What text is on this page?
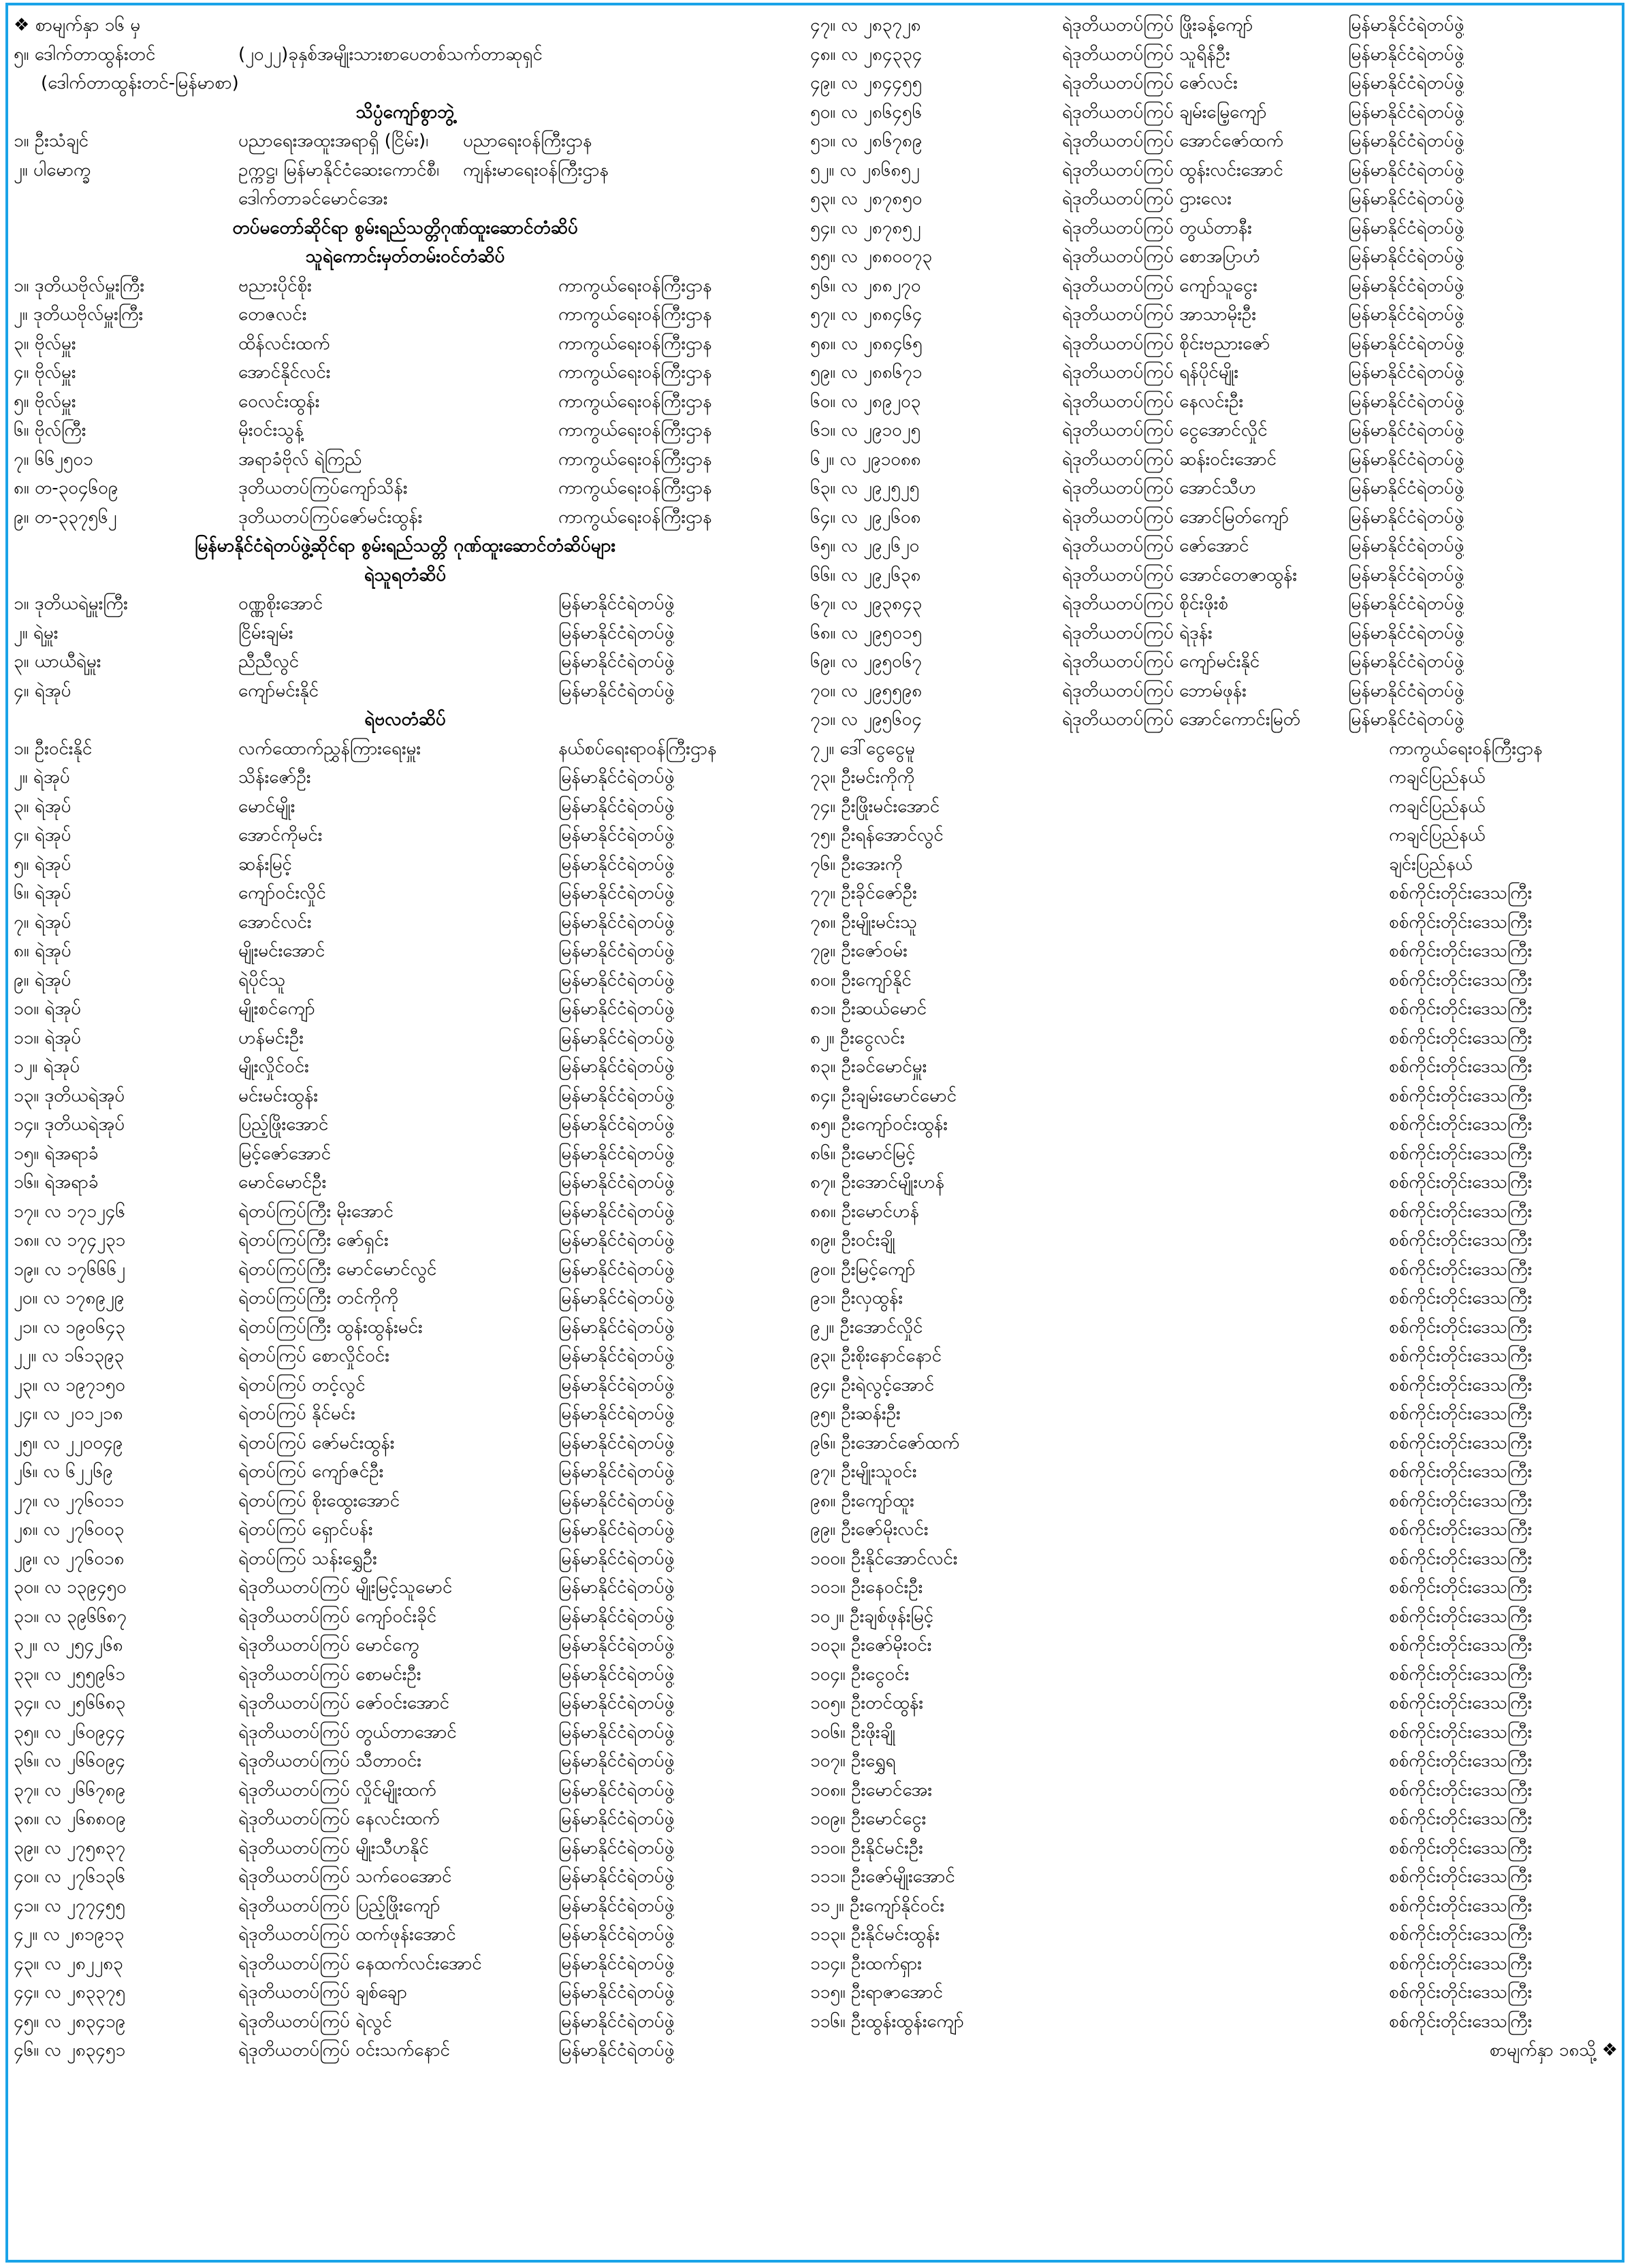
❖ စာမျက်နှာ ၁၆ မှ
၅။ ဒေါက်တာထွန်းတင်	(၂၀၂၂)ခုနှစ်အမျိုးသားစာပေတစ်သက်တာဆုရှင်
(ဒေါက်တာထွန်းတင်-မြန်မာစာ)
သိပ္ပံကျော်စွာဘွဲ့
၁။ ဦးသံချင်	ပညာရေးအထူးအရာရှိ (ငြိမ်း)၊ ပညာရေးဝန်ကြီးဌာန
၂။ ပါမောက္ခ	ဥက္ကဋ္ဌ၊ မြန်မာနိုင်ငံဆေးကောင်စီ၊ ကျန်းမာရေးဝန်ကြီးဌာန
ဒေါက်တာခင်မောင်အေး
တပ်မတော်ဆိုင်ရာ စွမ်းရည်သတ္တိဂုဏ်ထူးဆောင်တံဆိပ်
သူရဲကောင်းမှတ်တမ်းဝင်တံဆိပ်
၁။ ဒုတိယဗိုလ်မှူးကြီး	ဗညားပိုင်စိုး	ကာကွယ်ရေးဝန်ကြီးဌာန
၂။ ဒုတိယဗိုလ်မှူးကြီး	တေဇလင်း	ကာကွယ်ရေးဝန်ကြီးဌာန
၃။ ဗိုလ်မှူး	ထိန်လင်းထက်	ကာကွယ်ရေးဝန်ကြီးဌာန
၄။ ဗိုလ်မှူး	အောင်နိုင်လင်း	ကာကွယ်ရေးဝန်ကြီးဌာန
၅။ ဗိုလ်မှူး	ဝေလင်းထွန်း	ကာကွယ်ရေးဝန်ကြီးဌာန
၆။ ဗိုလ်ကြီး	မိုးဝင်းသွန့်	ကာကွယ်ရေးဝန်ကြီးဌာန
၇။ ၆၆၂၅၀၁	အရာခံဗိုလ် ရဲကြည်	ကာကွယ်ရေးဝန်ကြီးဌာန
၈။ တ-၃၀၄၆၀၉	ဒုတိယတပ်ကြပ်ကျော်သိန်း	ကာကွယ်ရေးဝန်ကြီးဌာန
၉။ တ-၃၃၇၅၆၂	ဒုတိယတပ်ကြပ်ဇော်မင်းထွန်း	ကာကွယ်ရေးဝန်ကြီးဌာန
မြန်မာနိုင်ငံရဲတပ်ဖွဲ့ဆိုင်ရာ စွမ်းရည်သတ္တိ ဂုဏ်ထူးဆောင်တံဆိပ်များ
ရဲသူရတံဆိပ်
၁။ ဒုတိယရဲမှူးကြီး	ဝဏ္ဏစိုးအောင်	မြန်မာနိုင်ငံရဲတပ်ဖွဲ့
၂။ ရဲမှူး	ငြိမ်းချမ်း	မြန်မာနိုင်ငံရဲတပ်ဖွဲ့
၃။ ယာယီရဲမှူး	ညီညီလွင်	မြန်မာနိုင်ငံရဲတပ်ဖွဲ့
၄။ ရဲအုပ်	ကျော်မင်းနိုင်	မြန်မာနိုင်ငံရဲတပ်ဖွဲ့
ရဲဗလတံဆိပ်
၁။ ဦးဝင်းနိုင်	လက်ထောက်ညွှန်ကြားရေးမှူး	နယ်စပ်ရေးရာဝန်ကြီးဌာန
၂။ ရဲအုပ်	သိန်းဇော်ဦး	မြန်မာနိုင်ငံရဲတပ်ဖွဲ့
၃။ ရဲအုပ်	မောင်မျိုး	မြန်မာနိုင်ငံရဲတပ်ဖွဲ့
၄။ ရဲအုပ်	အောင်ကိုမင်း	မြန်မာနိုင်ငံရဲတပ်ဖွဲ့
၅။ ရဲအုပ်	ဆန်းမြင့်	မြန်မာနိုင်ငံရဲတပ်ဖွဲ့
၆။ ရဲအုပ်	ကျော်ဝင်းလှိုင်	မြန်မာနိုင်ငံရဲတပ်ဖွဲ့
၇။ ရဲအုပ်	အောင်လင်း	မြန်မာနိုင်ငံရဲတပ်ဖွဲ့
၈။ ရဲအုပ်	မျိုးမင်းအောင်	မြန်မာနိုင်ငံရဲတပ်ဖွဲ့
၉။ ရဲအုပ်	ရဲပိုင်သူ	မြန်မာနိုင်ငံရဲတပ်ဖွဲ့
၁၀။ ရဲအုပ်	မျိုးစင်ကျော်	မြန်မာနိုင်ငံရဲတပ်ဖွဲ့
၁၁။ ရဲအုပ်	ဟန်မင်းဦး	မြန်မာနိုင်ငံရဲတပ်ဖွဲ့
၁၂။ ရဲအုပ်	မျိုးလှိုင်ဝင်း	မြန်မာနိုင်ငံရဲတပ်ဖွဲ့
၁၃။ ဒုတိယရဲအုပ်	မင်းမင်းထွန်း	မြန်မာနိုင်ငံရဲတပ်ဖွဲ့
၁၄။ ဒုတိယရဲအုပ်	ပြည့်ဖြိုးအောင်	မြန်မာနိုင်ငံရဲတပ်ဖွဲ့
၁၅။ ရဲအရာခံ	မြင့်ဇော်အောင်	မြန်မာနိုင်ငံရဲတပ်ဖွဲ့
၁၆။ ရဲအရာခံ	မောင်မောင်ဦး	မြန်မာနိုင်ငံရဲတပ်ဖွဲ့
၁၇။ လ ၁၇၁၂၄၆	ရဲတပ်ကြပ်ကြီး မိုးအောင်	မြန်မာနိုင်ငံရဲတပ်ဖွဲ့
၁၈။ လ ၁၇၄၂၃၁	ရဲတပ်ကြပ်ကြီး ဇော်ရှင်း	မြန်မာနိုင်ငံရဲတပ်ဖွဲ့
၁၉။ လ ၁၇၆၆၆၂	ရဲတပ်ကြပ်ကြီး မောင်မောင်လွင်	မြန်မာနိုင်ငံရဲတပ်ဖွဲ့
၂၀။ လ ၁၇၈၉၂၉	ရဲတပ်ကြပ်ကြီး တင်ကိုကို	မြန်မာနိုင်ငံရဲတပ်ဖွဲ့
၂၁။ လ ၁၉၀၆၄၃	ရဲတပ်ကြပ်ကြီး ထွန်းထွန်းမင်း	မြန်မာနိုင်ငံရဲတပ်ဖွဲ့
၂၂။ လ ၁၆၁၃၉၃	ရဲတပ်ကြပ် စောလှိုင်ဝင်း	မြန်မာနိုင်ငံရဲတပ်ဖွဲ့
၂၃။ လ ၁၉၇၁၅၀	ရဲတပ်ကြပ် တင့်လွင်	မြန်မာနိုင်ငံရဲတပ်ဖွဲ့
၂၄။ လ ၂၀၁၂၁၈	ရဲတပ်ကြပ် နိုင်မင်း	မြန်မာနိုင်ငံရဲတပ်ဖွဲ့
၂၅။ လ ၂၂၀၀၄၉	ရဲတပ်ကြပ် ဇော်မင်းထွန်း	မြန်မာနိုင်ငံရဲတပ်ဖွဲ့
၂၆။ လ ၆၂၂၆၉	ရဲတပ်ကြပ် ကျော်ဇင်ဦး	မြန်မာနိုင်ငံရဲတပ်ဖွဲ့
၂၇။ လ ၂၇၆၀၁၁	ရဲတပ်ကြပ် စိုးထွေးအောင်	မြန်မာနိုင်ငံရဲတပ်ဖွဲ့
၂၈။ လ ၂၇၆၀၀၃	ရဲတပ်ကြပ် ရှောင်ပန်း	မြန်မာနိုင်ငံရဲတပ်ဖွဲ့
၂၉။ လ ၂၇၆၀၁၈	ရဲတပ်ကြပ် သန်းရွှေဦး	မြန်မာနိုင်ငံရဲတပ်ဖွဲ့
၃၀။ လ ၁၃၉၄၅၀	ရဲဒုတိယတပ်ကြပ် မျိုးမြင့်သူမောင်	မြန်မာနိုင်ငံရဲတပ်ဖွဲ့
၃၁။ လ ၃၉၆၆၈၇	ရဲဒုတိယတပ်ကြပ် ကျော်ဝင်းခိုင်	မြန်မာနိုင်ငံရဲတပ်ဖွဲ့
၃၂။ လ ၂၅၄၂၆၈	ရဲဒုတိယတပ်ကြပ် မောင်ကွေ	မြန်မာနိုင်ငံရဲတပ်ဖွဲ့
၃၃။ လ ၂၅၅၉၆၁	ရဲဒုတိယတပ်ကြပ် စောမင်းဦး	မြန်မာနိုင်ငံရဲတပ်ဖွဲ့
၃၄။ လ ၂၅၆၆၈၃	ရဲဒုတိယတပ်ကြပ် ဇော်ဝင်းအောင်	မြန်မာနိုင်ငံရဲတပ်ဖွဲ့
၃၅။ လ ၂၆၀၉၄၄	ရဲဒုတိယတပ်ကြပ် တွယ်တာအောင်	မြန်မာနိုင်ငံရဲတပ်ဖွဲ့
၃၆။ လ ၂၆၆၀၉၄	ရဲဒုတိယတပ်ကြပ် သီတာဝင်း	မြန်မာနိုင်ငံရဲတပ်ဖွဲ့
၃၇။ လ ၂၆၆၇၈၉	ရဲဒုတိယတပ်ကြပ် လှိုင်မျိုးထက်	မြန်မာနိုင်ငံရဲတပ်ဖွဲ့
၃၈။ လ ၂၆၈၈၀၉	ရဲဒုတိယတပ်ကြပ် နေလင်းထက်	မြန်မာနိုင်ငံရဲတပ်ဖွဲ့
၃၉။ လ ၂၇၅၈၃၇	ရဲဒုတိယတပ်ကြပ် မျိုးသီဟနိုင်	မြန်မာနိုင်ငံရဲတပ်ဖွဲ့
၄၀။ လ ၂၇၆၁၃၆	ရဲဒုတိယတပ်ကြပ် သက်ဝေအောင်	မြန်မာနိုင်ငံရဲတပ်ဖွဲ့
၄၁။ လ ၂၇၇၄၅၅	ရဲဒုတိယတပ်ကြပ် ပြည့်ဖြိုးကျော်	မြန်မာနိုင်ငံရဲတပ်ဖွဲ့
၄၂။ လ ၂၈၁၉၁၃	ရဲဒုတိယတပ်ကြပ် ထက်ဖုန်းအောင်	မြန်မာနိုင်ငံရဲတပ်ဖွဲ့
၄၃။ လ ၂၈၂၂၈၃	ရဲဒုတိယတပ်ကြပ် နေထက်လင်းအောင်	မြန်မာနိုင်ငံရဲတပ်ဖွဲ့
၄၄။ လ ၂၈၃၃၇၅	ရဲဒုတိယတပ်ကြပ် ချစ်ချော	မြန်မာနိုင်ငံရဲတပ်ဖွဲ့
၄၅။ လ ၂၈၃၄၁၉	ရဲဒုတိယတပ်ကြပ် ရဲလွင်	မြန်မာနိုင်ငံရဲတပ်ဖွဲ့
၄၆။ လ ၂၈၃၄၅၁	ရဲဒုတိယတပ်ကြပ် ဝင်းသက်နောင်	မြန်မာနိုင်ငံရဲတပ်ဖွဲ့
၄၇။ လ ၂၈၃၇၂၈	ရဲဒုတိယတပ်ကြပ် ဖြိုးခန့်ကျော်	မြန်မာနိုင်ငံရဲတပ်ဖွဲ့
၄၈။ လ ၂၈၄၃၃၄	ရဲဒုတိယတပ်ကြပ် သူရိန်ဦး	မြန်မာနိုင်ငံရဲတပ်ဖွဲ့
၄၉။ လ ၂၈၄၄၅၅	ရဲဒုတိယတပ်ကြပ် ဇော်လင်း	မြန်မာနိုင်ငံရဲတပ်ဖွဲ့
၅၀။ လ ၂၈၆၄၅၆	ရဲဒုတိယတပ်ကြပ် ချမ်းမြေ့ကျော်	မြန်မာနိုင်ငံရဲတပ်ဖွဲ့
၅၁။ လ ၂၈၆၇၈၉	ရဲဒုတိယတပ်ကြပ် အောင်ဇော်ထက်	မြန်မာနိုင်ငံရဲတပ်ဖွဲ့
၅၂။ လ ၂၈၆၈၅၂	ရဲဒုတိယတပ်ကြပ် ထွန်းလင်းအောင်	မြန်မာနိုင်ငံရဲတပ်ဖွဲ့
၅၃။ လ ၂၈၇၈၅၀	ရဲဒုတိယတပ်ကြပ် ဌားလေး	မြန်မာနိုင်ငံရဲတပ်ဖွဲ့
၅၄။ လ ၂၈၇၈၅၂	ရဲဒုတိယတပ်ကြပ် တွယ်တာနီး	မြန်မာနိုင်ငံရဲတပ်ဖွဲ့
၅၅။ လ ၂၈၈၀၀၇၃	ရဲဒုတိယတပ်ကြပ် စောအပြာဟံ	မြန်မာနိုင်ငံရဲတပ်ဖွဲ့
၅၆။ လ ၂၈၈၂၇၀	ရဲဒုတိယတပ်ကြပ် ကျော်သူငွေး	မြန်မာနိုင်ငံရဲတပ်ဖွဲ့
၅၇။ လ ၂၈၈၄၆၄	ရဲဒုတိယတပ်ကြပ် အာသာမိုးဦး	မြန်မာနိုင်ငံရဲတပ်ဖွဲ့
၅၈။ လ ၂၈၈၄၆၅	ရဲဒုတိယတပ်ကြပ် စိုင်းဗညားဇော်	မြန်မာနိုင်ငံရဲတပ်ဖွဲ့
၅၉။ လ ၂၈၈၆၇၁	ရဲဒုတိယတပ်ကြပ် ရန်ပိုင်မျိုး	မြန်မာနိုင်ငံရဲတပ်ဖွဲ့
၆၀။ လ ၂၈၉၂၀၃	ရဲဒုတိယတပ်ကြပ် နေလင်းဦး	မြန်မာနိုင်ငံရဲတပ်ဖွဲ့
၆၁။ လ ၂၉၁၀၂၅	ရဲဒုတိယတပ်ကြပ် ငွေအောင်လှိုင်	မြန်မာနိုင်ငံရဲတပ်ဖွဲ့
၆၂။ လ ၂၉၁၀၈၈	ရဲဒုတိယတပ်ကြပ် ဆန်းဝင်းအောင်	မြန်မာနိုင်ငံရဲတပ်ဖွဲ့
၆၃။ လ ၂၉၂၅၂၅	ရဲဒုတိယတပ်ကြပ် အောင်သီဟ	မြန်မာနိုင်ငံရဲတပ်ဖွဲ့
၆၄။ လ ၂၉၂၆၀၈	ရဲဒုတိယတပ်ကြပ် အောင်မြတ်ကျော်	မြန်မာနိုင်ငံရဲတပ်ဖွဲ့
၆၅။ လ ၂၉၂၆၂၀	ရဲဒုတိယတပ်ကြပ် ဇော်အောင်	မြန်မာနိုင်ငံရဲတပ်ဖွဲ့
၆၆။ လ ၂၉၂၆၃၈	ရဲဒုတိယတပ်ကြပ် အောင်တေဇာထွန်း	မြန်မာနိုင်ငံရဲတပ်ဖွဲ့
၆၇။ လ ၂၉၃၈၄၃	ရဲဒုတိယတပ်ကြပ် စိုင်းဖိုးစံ	မြန်မာနိုင်ငံရဲတပ်ဖွဲ့
၆၈။ လ ၂၉၅၀၁၅	ရဲဒုတိယတပ်ကြပ် ရဲဒုန်း	မြန်မာနိုင်ငံရဲတပ်ဖွဲ့
၆၉။ လ ၂၉၅၀၆၇	ရဲဒုတိယတပ်ကြပ် ကျော်မင်းနိုင်	မြန်မာနိုင်ငံရဲတပ်ဖွဲ့
၇၀။ လ ၂၉၅၅၉၈	ရဲဒုတိယတပ်ကြပ် ဘောမ်ဖုန်း	မြန်မာနိုင်ငံရဲတပ်ဖွဲ့
၇၁။ လ ၂၉၅၆၀၄	ရဲဒုတိယတပ်ကြပ် အောင်ကောင်းမြတ်	မြန်မာနိုင်ငံရဲတပ်ဖွဲ့
၇၂။ ဒေါ်ငွေငွေမူ	ကာကွယ်ရေးဝန်ကြီးဌာန
၇၃။ ဦးမင်းကိုကို	ကချင်ပြည်နယ်
၇၄။ ဦးဖြိုးမင်းအောင်	ကချင်ပြည်နယ်
၇၅။ ဦးရန်အောင်လွင်	ကချင်ပြည်နယ်
၇၆။ ဦးအေးကို	ချင်းပြည်နယ်
၇၇။ ဦးခိုင်ဇော်ဦး	စစ်ကိုင်းတိုင်းဒေသကြီး
၇၈။ ဦးမျိုးမင်းသူ	စစ်ကိုင်းတိုင်းဒေသကြီး
၇၉။ ဦးဇော်ဝမ်း	စစ်ကိုင်းတိုင်းဒေသကြီး
၈၀။ ဦးကျော်နိုင်	စစ်ကိုင်းတိုင်းဒေသကြီး
၈၁။ ဦးဆယ်မောင်	စစ်ကိုင်းတိုင်းဒေသကြီး
၈၂။ ဦးငွေလင်း	စစ်ကိုင်းတိုင်းဒေသကြီး
၈၃။ ဦးခင်မောင်မှူး	စစ်ကိုင်းတိုင်းဒေသကြီး
၈၄။ ဦးချမ်းမောင်မောင်	စစ်ကိုင်းတိုင်းဒေသကြီး
၈၅။ ဦးကျော်ဝင်းထွန်း	စစ်ကိုင်းတိုင်းဒေသကြီး
၈၆။ ဦးမောင်မြင့်	စစ်ကိုင်းတိုင်းဒေသကြီး
၈၇။ ဦးအောင်မျိုးဟန်	စစ်ကိုင်းတိုင်းဒေသကြီး
၈၈။ ဦးမောင်ဟန်	စစ်ကိုင်းတိုင်းဒေသကြီး
၈၉။ ဦးဝင်းချို	စစ်ကိုင်းတိုင်းဒေသကြီး
၉၀။ ဦးမြင့်ကျော်	စစ်ကိုင်းတိုင်းဒေသကြီး
၉၁။ ဦးလှထွန်း	စစ်ကိုင်းတိုင်းဒေသကြီး
၉၂။ ဦးအောင်လှိုင်	စစ်ကိုင်းတိုင်းဒေသကြီး
၉၃။ ဦးစိုးနောင်နောင်	စစ်ကိုင်းတိုင်းဒေသကြီး
၉၄။ ဦးရဲလွင့်အောင်	စစ်ကိုင်းတိုင်းဒေသကြီး
၉၅။ ဦးဆန်းဦး	စစ်ကိုင်းတိုင်းဒေသကြီး
၉၆။ ဦးအောင်ဇော်ထက်	စစ်ကိုင်းတိုင်းဒေသကြီး
၉၇။ ဦးမျိုးသူဝင်း	စစ်ကိုင်းတိုင်းဒေသကြီး
၉၈။ ဦးကျော်ထူး	စစ်ကိုင်းတိုင်းဒေသကြီး
၉၉။ ဦးဇော်မိုးလင်း	စစ်ကိုင်းတိုင်းဒေသကြီး
၁၀၀။ ဦးနိုင်အောင်လင်း	စစ်ကိုင်းတိုင်းဒေသကြီး
၁၀၁။ ဦးနေဝင်းဦး	စစ်ကိုင်းတိုင်းဒေသကြီး
၁၀၂။ ဦးချစ်ဖုန်းမြင့်	စစ်ကိုင်းတိုင်းဒေသကြီး
၁၀၃။ ဦးဇော်မိုးဝင်း	စစ်ကိုင်းတိုင်းဒေသကြီး
၁၀၄။ ဦးငွေဝင်း	စစ်ကိုင်းတိုင်းဒေသကြီး
၁၀၅။ ဦးတင်ထွန်း	စစ်ကိုင်းတိုင်းဒေသကြီး
၁၀၆။ ဦးဖိုးချို	စစ်ကိုင်းတိုင်းဒေသကြီး
၁၀၇။ ဦးရွှေရ	စစ်ကိုင်းတိုင်းဒေသကြီး
၁၀၈။ ဦးမောင်အေး	စစ်ကိုင်းတိုင်းဒေသကြီး
၁၀၉။ ဦးမောင်ငွေး	စစ်ကိုင်းတိုင်းဒေသကြီး
၁၁၀။ ဦးနိုင်မင်းဦး	စစ်ကိုင်းတိုင်းဒေသကြီး
၁၁၁။ ဦးဇော်မျိုးအောင်	စစ်ကိုင်းတိုင်းဒေသကြီး
၁၁၂။ ဦးကျော်နိုင်ဝင်း	စစ်ကိုင်းတိုင်းဒေသကြီး
၁၁၃။ ဦးနိုင်မင်းထွန်း	စစ်ကိုင်းတိုင်းဒေသကြီး
၁၁၄။ ဦးထက်ရှား	စစ်ကိုင်းတိုင်းဒေသကြီး
၁၁၅။ ဦးရာဇာအောင်	စစ်ကိုင်းတိုင်းဒေသကြီး
၁၁၆။ ဦးထွန်းထွန်းကျော်	စစ်ကိုင်းတိုင်းဒေသကြီး
စာမျက်နှာ ၁၈သို့ ❖
